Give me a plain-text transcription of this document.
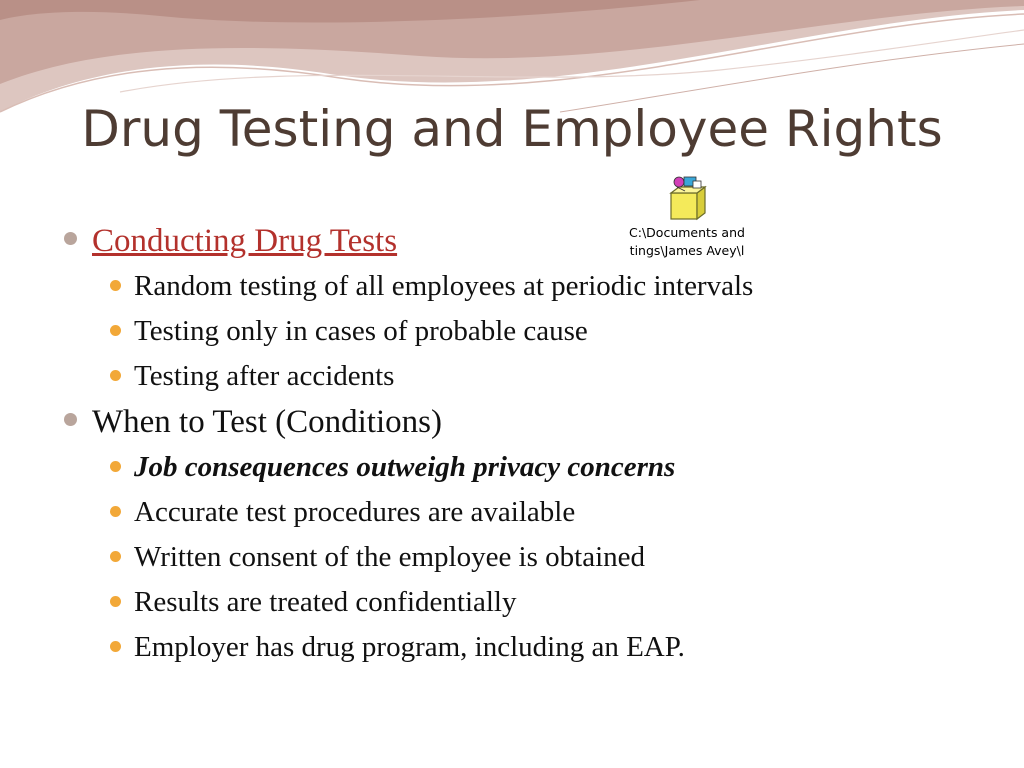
Drug Testing and Employee Rights
C:\Documents and
tings\James Avey\l
Conducting Drug Tests
Random testing of all employees at periodic intervals
Testing only in cases of probable cause
Testing after accidents
When to Test (Conditions)
Job consequences outweigh privacy concerns
Accurate test procedures are available
Written consent of the employee is obtained
Results are treated confidentially
Employer has drug program, including an EAP.
